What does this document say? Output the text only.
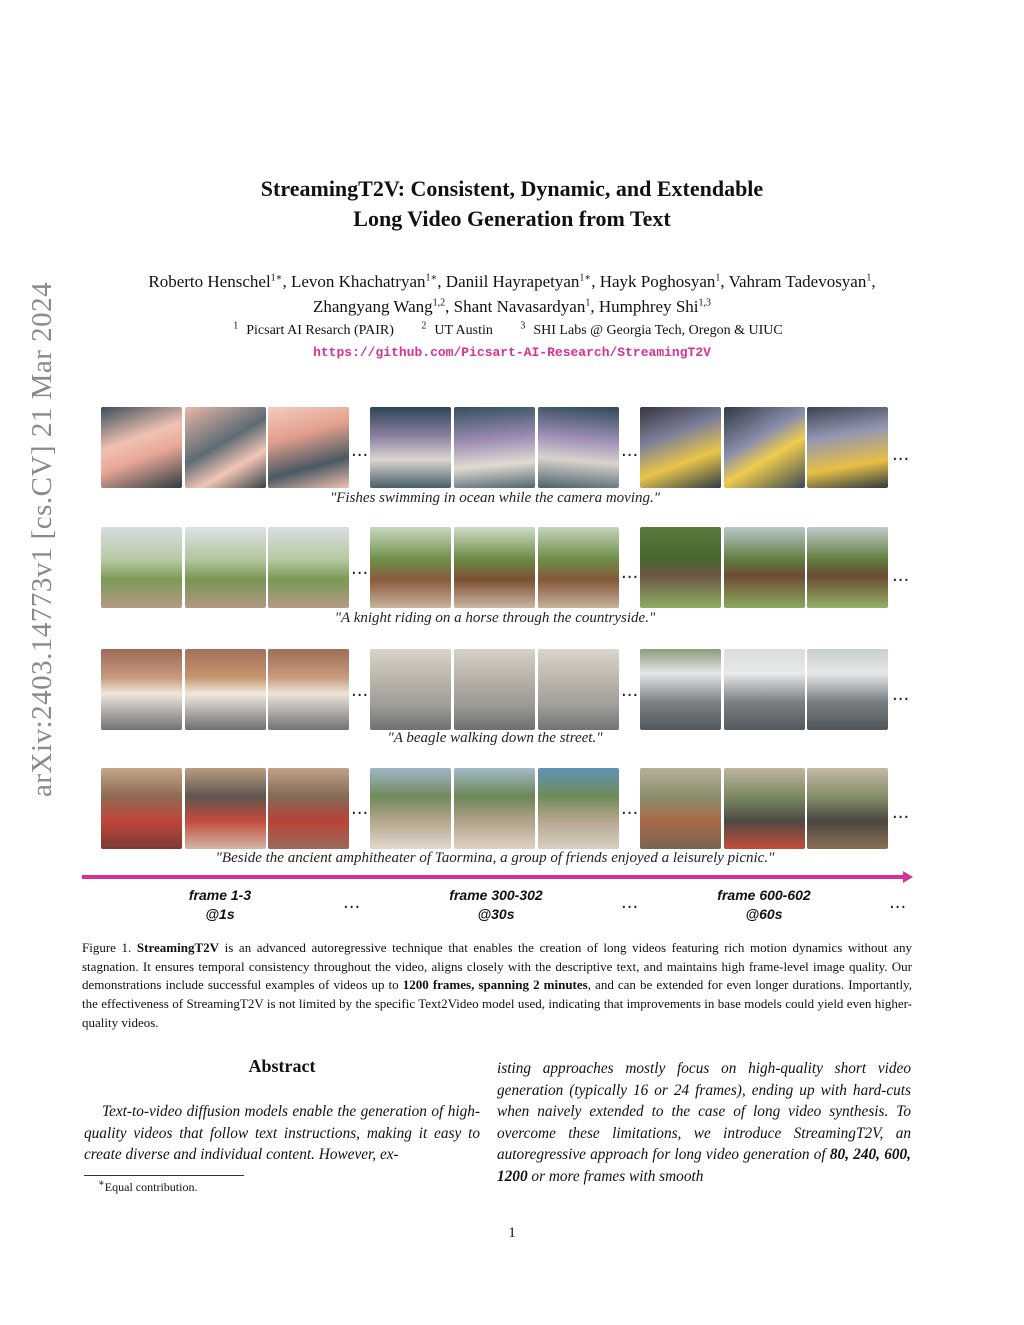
arXiv:2403.14773v1 [cs.CV] 21 Mar 2024
StreamingT2V: Consistent, Dynamic, and Extendable
Long Video Generation from Text
Roberto Henschel$^{1∗}$, Levon Khachatryan$^{1∗}$, Daniil Hayrapetyan$^{1∗}$, Hayk Poghosyan$^1$, Vahram Tadevosyan$^1$,
Zhangyang Wang$^{1,2}$, Shant Navasardyan$^1$, Humphrey Shi$^{1,3}$
$^1$ Picsart AI Resarch (PAIR)	$^2$ UT Austin	$^3$ SHI Labs @ Georgia Tech, Oregon & UIUC
https://github.com/Picsart-AI-Research/StreamingT2V
...	...	...
"Fishes swimming in ocean while the camera moving."
...	...	...
"A knight riding on a horse through the countryside."
...	...	...
"A beagle walking down the street."
...	...	...
"Beside the ancient amphitheater of Taormina, a group of friends enjoyed a leisurely picnic."
frame 1-3
@1s
...	frame 300-302
@30s
...	frame 600-602
@60s
...
Figure 1. StreamingT2V is an advanced autoregressive technique that enables the creation of long videos featuring rich motion dynamics without any stagnation. It ensures temporal consistency throughout the video, aligns closely with the descriptive text, and maintains high frame-level image quality. Our demonstrations include successful examples of videos up to 1200 frames, spanning 2 minutes, and can be extended for even longer durations. Importantly, the effectiveness of StreamingT2V is not limited by the specific Text2Video model used, indicating that improvements in base models could yield even higher-quality videos.
Abstract
Text-to-video diffusion models enable the generation of high-quality videos that follow text instructions, making it easy to create diverse and individual content. However, ex-
isting approaches mostly focus on high-quality short video generation (typically 16 or 24 frames), ending up with hard-cuts when naively extended to the case of long video synthesis. To overcome these limitations, we introduce StreamingT2V, an autoregressive approach for long video generation of 80, 240, 600, 1200 or more frames with smooth
∗Equal contribution.
1
